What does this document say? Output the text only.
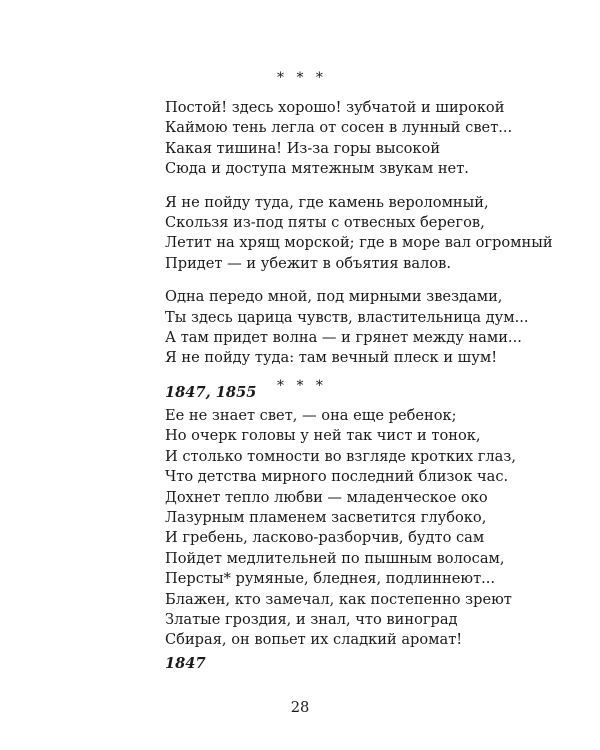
* * *
Постой! здесь хорошо! зубчатой и широкой
Каймою тень легла от сосен в лунный свет...
Какая тишина! Из-за горы высокой
Сюда и доступа мятежным звукам нет.
Я не пойду туда, где камень вероломный,
Скользя из-под пяты с отвесных берегов,
Летит на хрящ морской; где в море вал огромный
Придет — и убежит в объятия валов.
Одна передо мной, под мирными звездами,
Ты здесь царица чувств, властительница дум...
А там придет волна — и грянет между нами...
Я не пойду туда: там вечный плеск и шум!
1847, 1855	* * *
Ее не знает свет, — она еще ребенок;
Но очерк головы у ней так чист и тонок,
И столько томности во взгляде кротких глаз,
Что детства мирного последний близок час.
Дохнет тепло любви — младенческое око
Лазурным пламенем засветится глубоко,
И гребень, ласково-разборчив, будто сам
Пойдет медлительней по пышным волосам,
Персты* румяные, бледнея, подлиннеют...
Блажен, кто замечал, как постепенно зреют
Златые гроздия, и знал, что виноград
Сбирая, он вопьет их сладкий аромат!
1847
28
